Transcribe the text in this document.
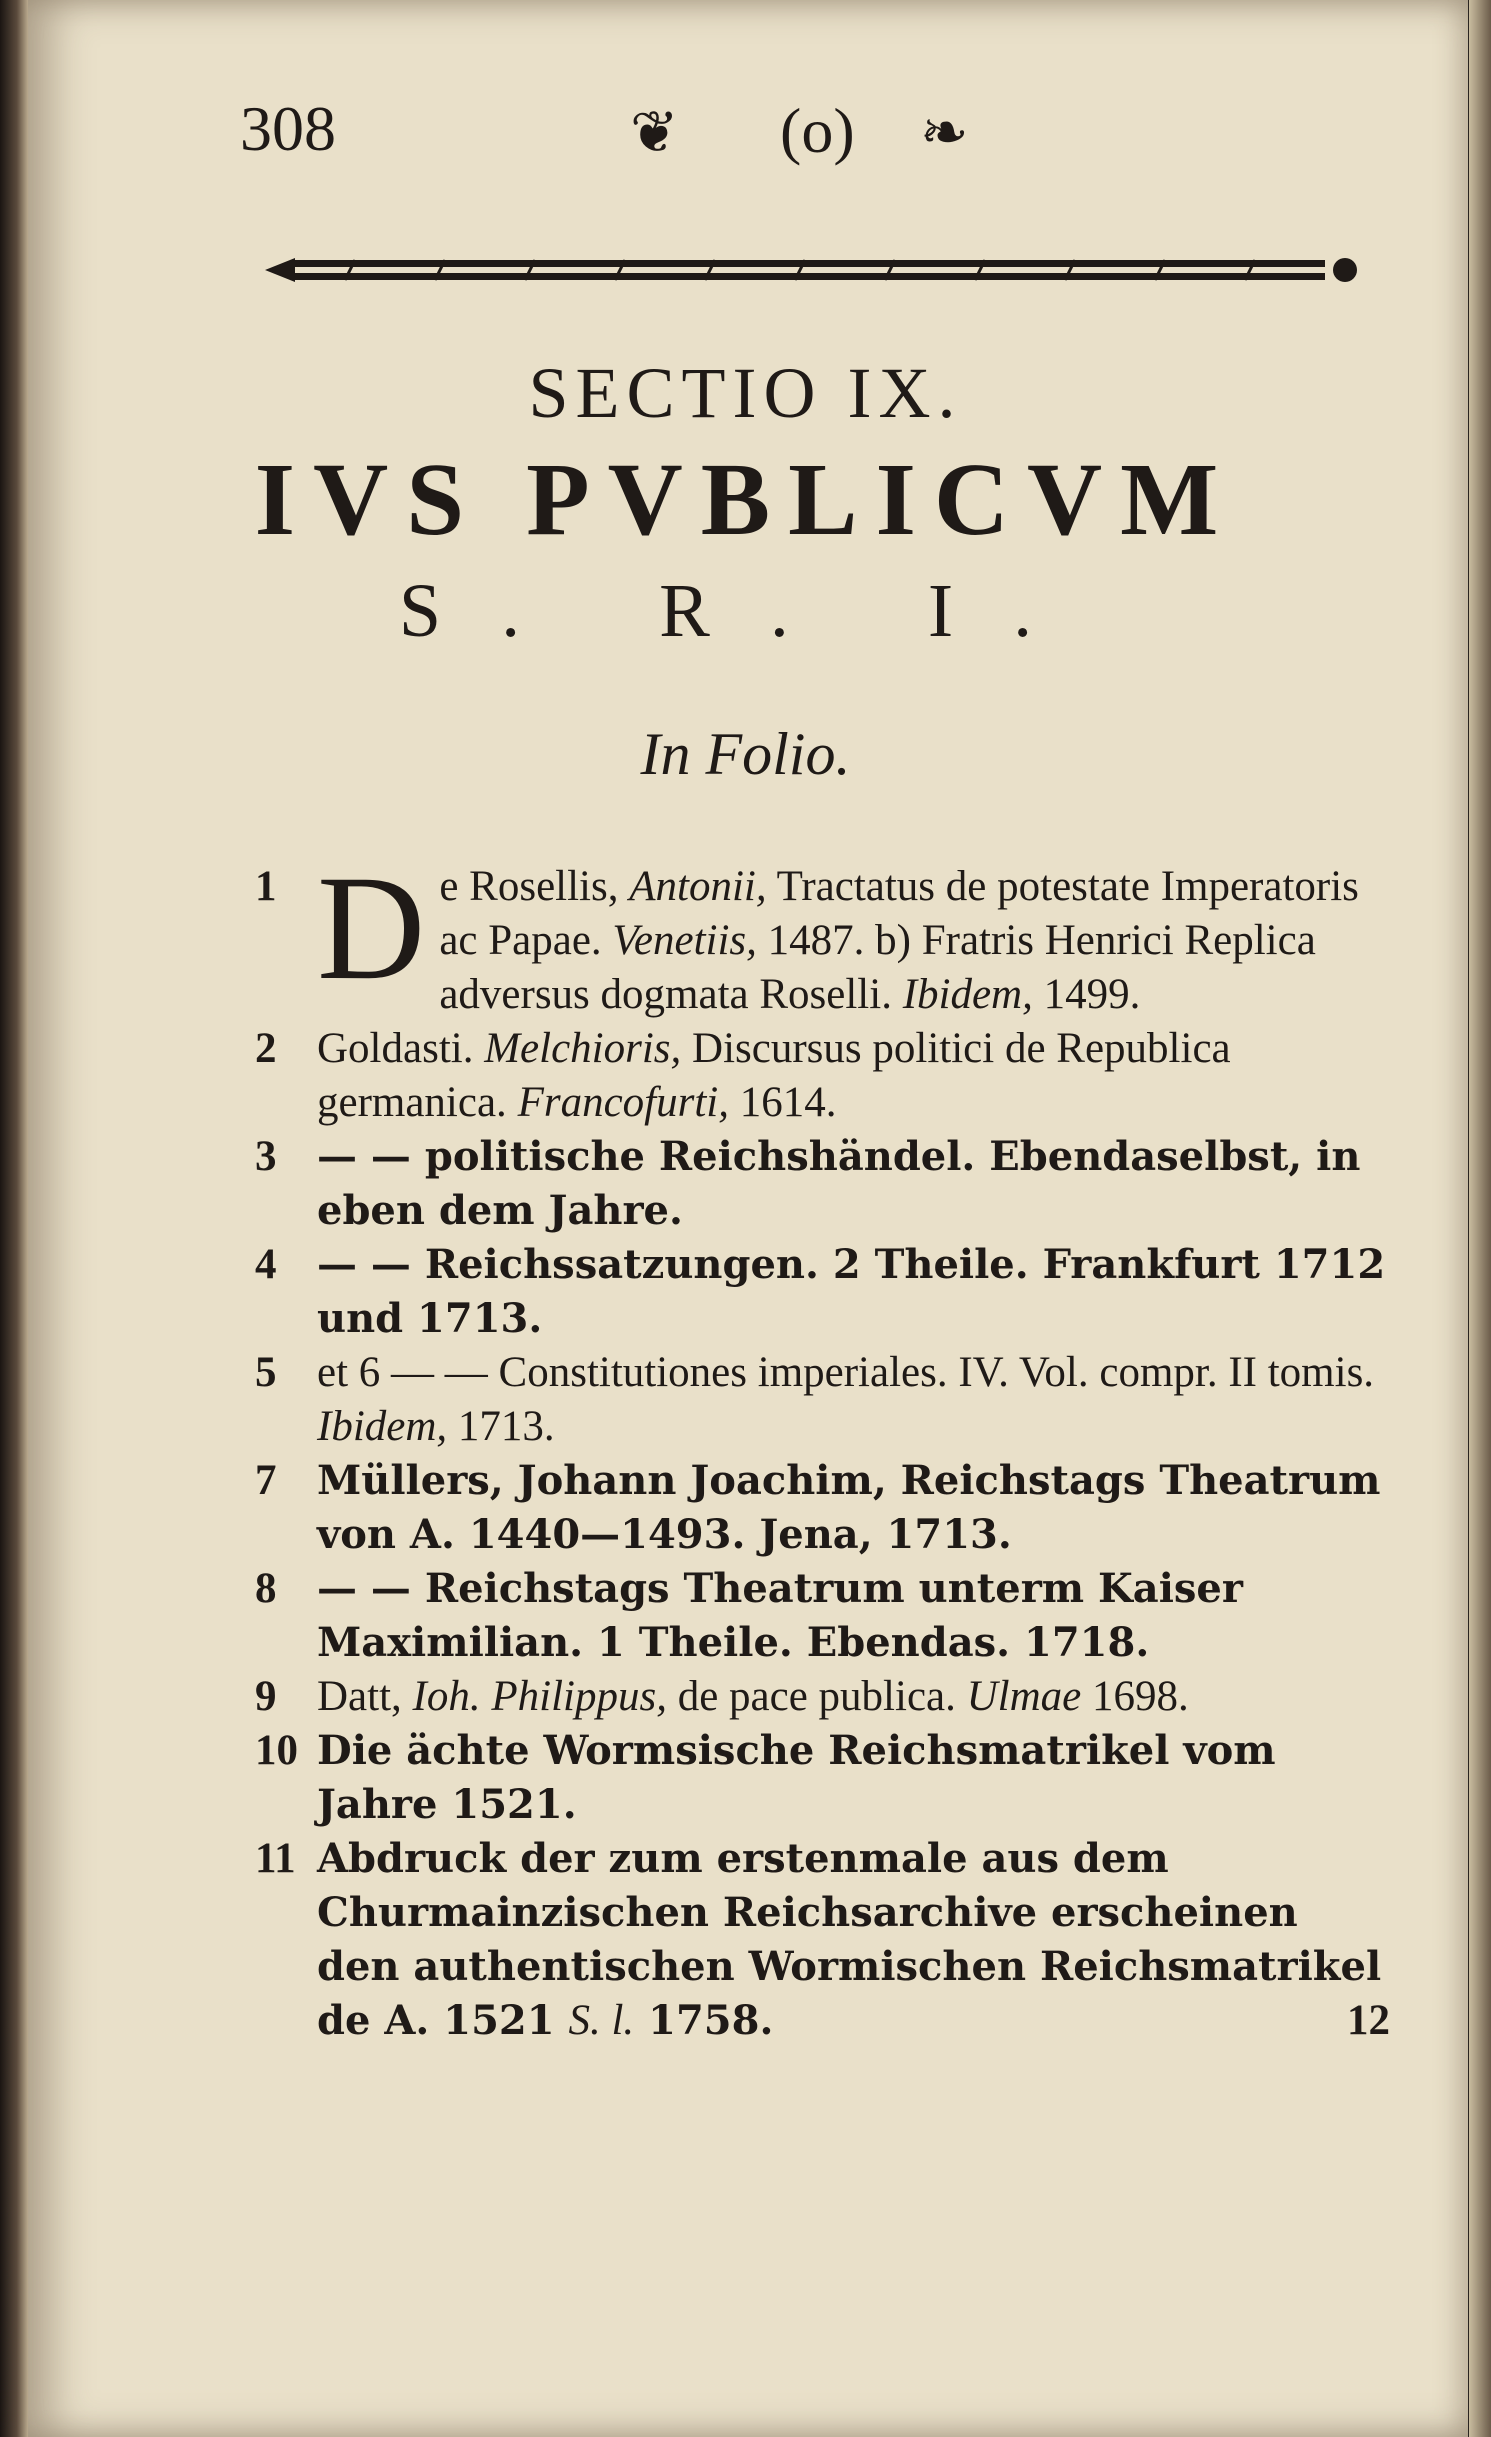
308	❦ (o) ❧
SECTIO IX.
IVS PVBLICVM
S. R. I.
In Folio.
1 D e Rosellis, Antonii, Tractatus de potestate Imperatoris ac Papae. Venetiis, 1487. b) Fratris Henrici Replica adversus dogmata Roselli. Ibidem, 1499.
2 Goldasti. Melchioris, Discursus politici de Republica germanica. Francofurti, 1614.
3	— — politische Reichshändel. Ebendaselbst, in eben dem Jahre.
4	— — Reichssatzungen. 2 Theile. Frankfurt 1712 und 1713.
5 et 6 — — Constitutiones imperiales. IV. Vol. compr. II tomis. Ibidem, 1713.
7	Müllers, Johann Joachim, Reichstags Theatrum von A. 1440—1493. Jena, 1713.
8	— — Reichstags Theatrum unterm Kaiser Maximilian. 1 Theile. Ebendas. 1718.
9 Datt, Ioh. Philippus, de pace publica. Ulmae 1698.
10 Die ächte Wormsische Reichsmatrikel vom Jahre 1521.
11 Abdruck der zum erstenmale aus dem Churmainzischen Reichsarchive erscheinen den authentischen Wormischen Reichsmatrikel de A. 1521 S. l. 1758.	12
